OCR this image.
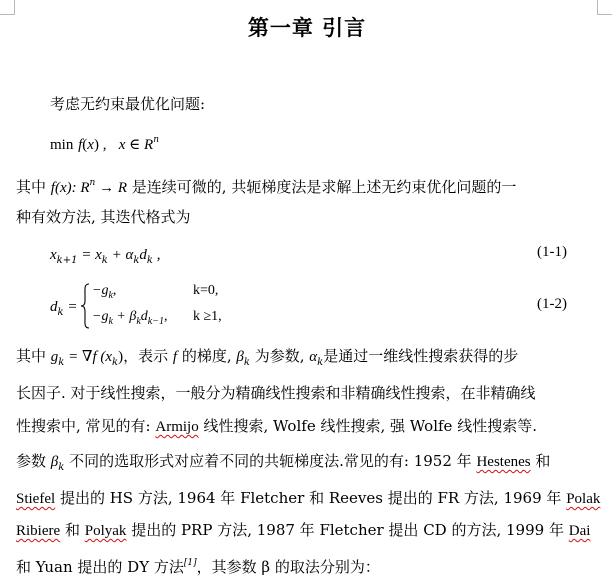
第一章 引言
考虑无约束最优化问题:
min f(x) ,   x ∈ $R^n$
其中 f(x): $R^n \to R$ 是连续可微的, 共轭梯度法是求解上述无约束优化问题的一
种有效方法, 其迭代格式为
$x_{k+1} = x_k + \alpha_kd_k$ ,	(1-1)
$d_k$ =
$-g_k$,	k=0,
$-g_k + \beta_kd_{k-1}$, k ≥1,
(1-2)
其中 $g_k = \nabla f$ $(x_k)$，表示 f 的梯度, $\beta_k$ 为参数, $\alpha_k$是通过一维线性搜索获得的步
长因子. 对于线性搜索，一般分为精确线性搜索和非精确线性搜索，在非精确线
性搜索中, 常见的有: Armijo 线性搜索, Wolfe 线性搜索, 强 Wolfe 线性搜索等.
参数 $\beta_k$ 不同的选取形式对应着不同的共轭梯度法.常见的有: 1952 年 Hestenes 和
Stiefel 提出的 HS 方法, 1964 年 Fletcher 和 Reeves 提出的 FR 方法, 1969 年 Polak
Ribiere 和 Polyak 提出的 PRP 方法, 1987 年 Fletcher 提出 CD 的方法, 1999 年 Dai
和 Yuan 提出的 DY 方法[1]，其参数 β 的取法分别为：
